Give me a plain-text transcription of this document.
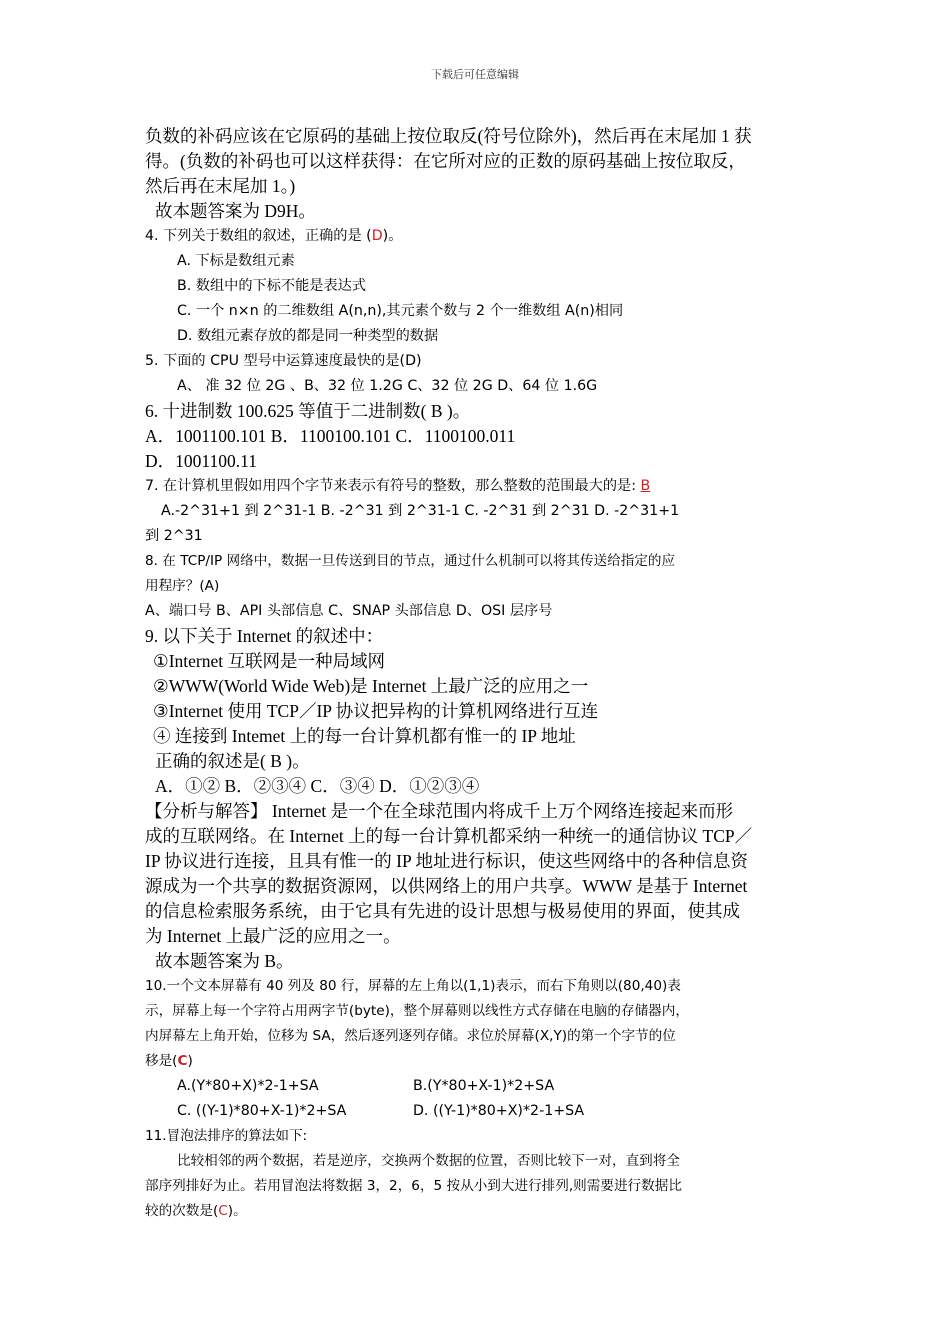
下载后可任意编辑

负数的补码应该在它原码的基础上按位取反(符号位除外)，然后再在末尾加 1 获

得。(负数的补码也可以这样获得：在它所对应的正数的原码基础上按位取反，

然后再在末尾加 1。)

故本题答案为 D9H。

4. 下列关于数组的叙述，正确的是 (D)。

A. 下标是数组元素

B. 数组中的下标不能是表达式

C. 一个 n×n 的二维数组 A(n,n),其元素个数与 2 个一维数组 A(n)相同

D. 数组元素存放的都是同一种类型的数据

5. 下面的 CPU 型号中运算速度最快的是(D)

A、 准 32 位 2G 、B、32 位 1.2G C、32 位 2G D、64 位 1.6G

6. 十进制数 100.625 等值于二进制数( B )。

A．1001100.101 B．1100100.101 C．1100100.011

D．1001100.11

7. 在计算机里假如用四个字节来表示有符号的整数，那么整数的范围最大的是: B

A.-2^31+1 到 2^31-1 B. -2^31 到 2^31-1 C. -2^31 到 2^31 D. -2^31+1

到 2^31

8. 在 TCP/IP 网络中，数据一旦传送到目的节点，通过什么机制可以将其传送给指定的应

用程序？(A)

A、端口号 B、API 头部信息 C、SNAP 头部信息 D、OSI 层序号

9. 以下关于 Internet 的叙述中：

①Internet 互联网是一种局域网

②WWW(World Wide Web)是 Internet 上最广泛的应用之一

③Internet 使用 TCP／IP 协议把异构的计算机网络进行互连

④ 连接到 Intemet 上的每一台计算机都有惟一的 IP 地址

正确的叙述是( B )。

A．①② B．②③④ C．③④ D．①②③④

【分析与解答】 Internet 是一个在全球范围内将成千上万个网络连接起来而形

成的互联网络。在 Internet 上的每一台计算机都采纳一种统一的通信协议 TCP／

IP 协议进行连接，且具有惟一的 IP 地址进行标识，使这些网络中的各种信息资

源成为一个共享的数据资源网，以供网络上的用户共享。WWW 是基于 Internet

的信息检索服务系统，由于它具有先进的设计思想与极易使用的界面，使其成

为 Internet 上最广泛的应用之一。

故本题答案为 B。

10.一个文本屏幕有 40 列及 80 行，屏幕的左上角以(1,1)表示，而右下角则以(80,40)表

示，屏幕上每一个字符占用两字节(byte)，整个屏幕则以线性方式存储在电脑的存储器内，

内屏幕左上角开始，位移为 SA，然后逐列逐列存储。求位於屏幕(X,Y)的第一个字节的位

移是(C)

A.(Y*80+X)*2-1+SA	B.(Y*80+X-1)*2+SA

C. ((Y-1)*80+X-1)*2+SA	D. ((Y-1)*80+X)*2-1+SA

11.冒泡法排序的算法如下:

比较相邻的两个数据，若是逆序，交换两个数据的位置，否则比较下一对，直到将全

部序列排好为止。若用冒泡法将数据 3，2，6，5 按从小到大进行排列,则需要进行数据比

较的次数是(C)。
